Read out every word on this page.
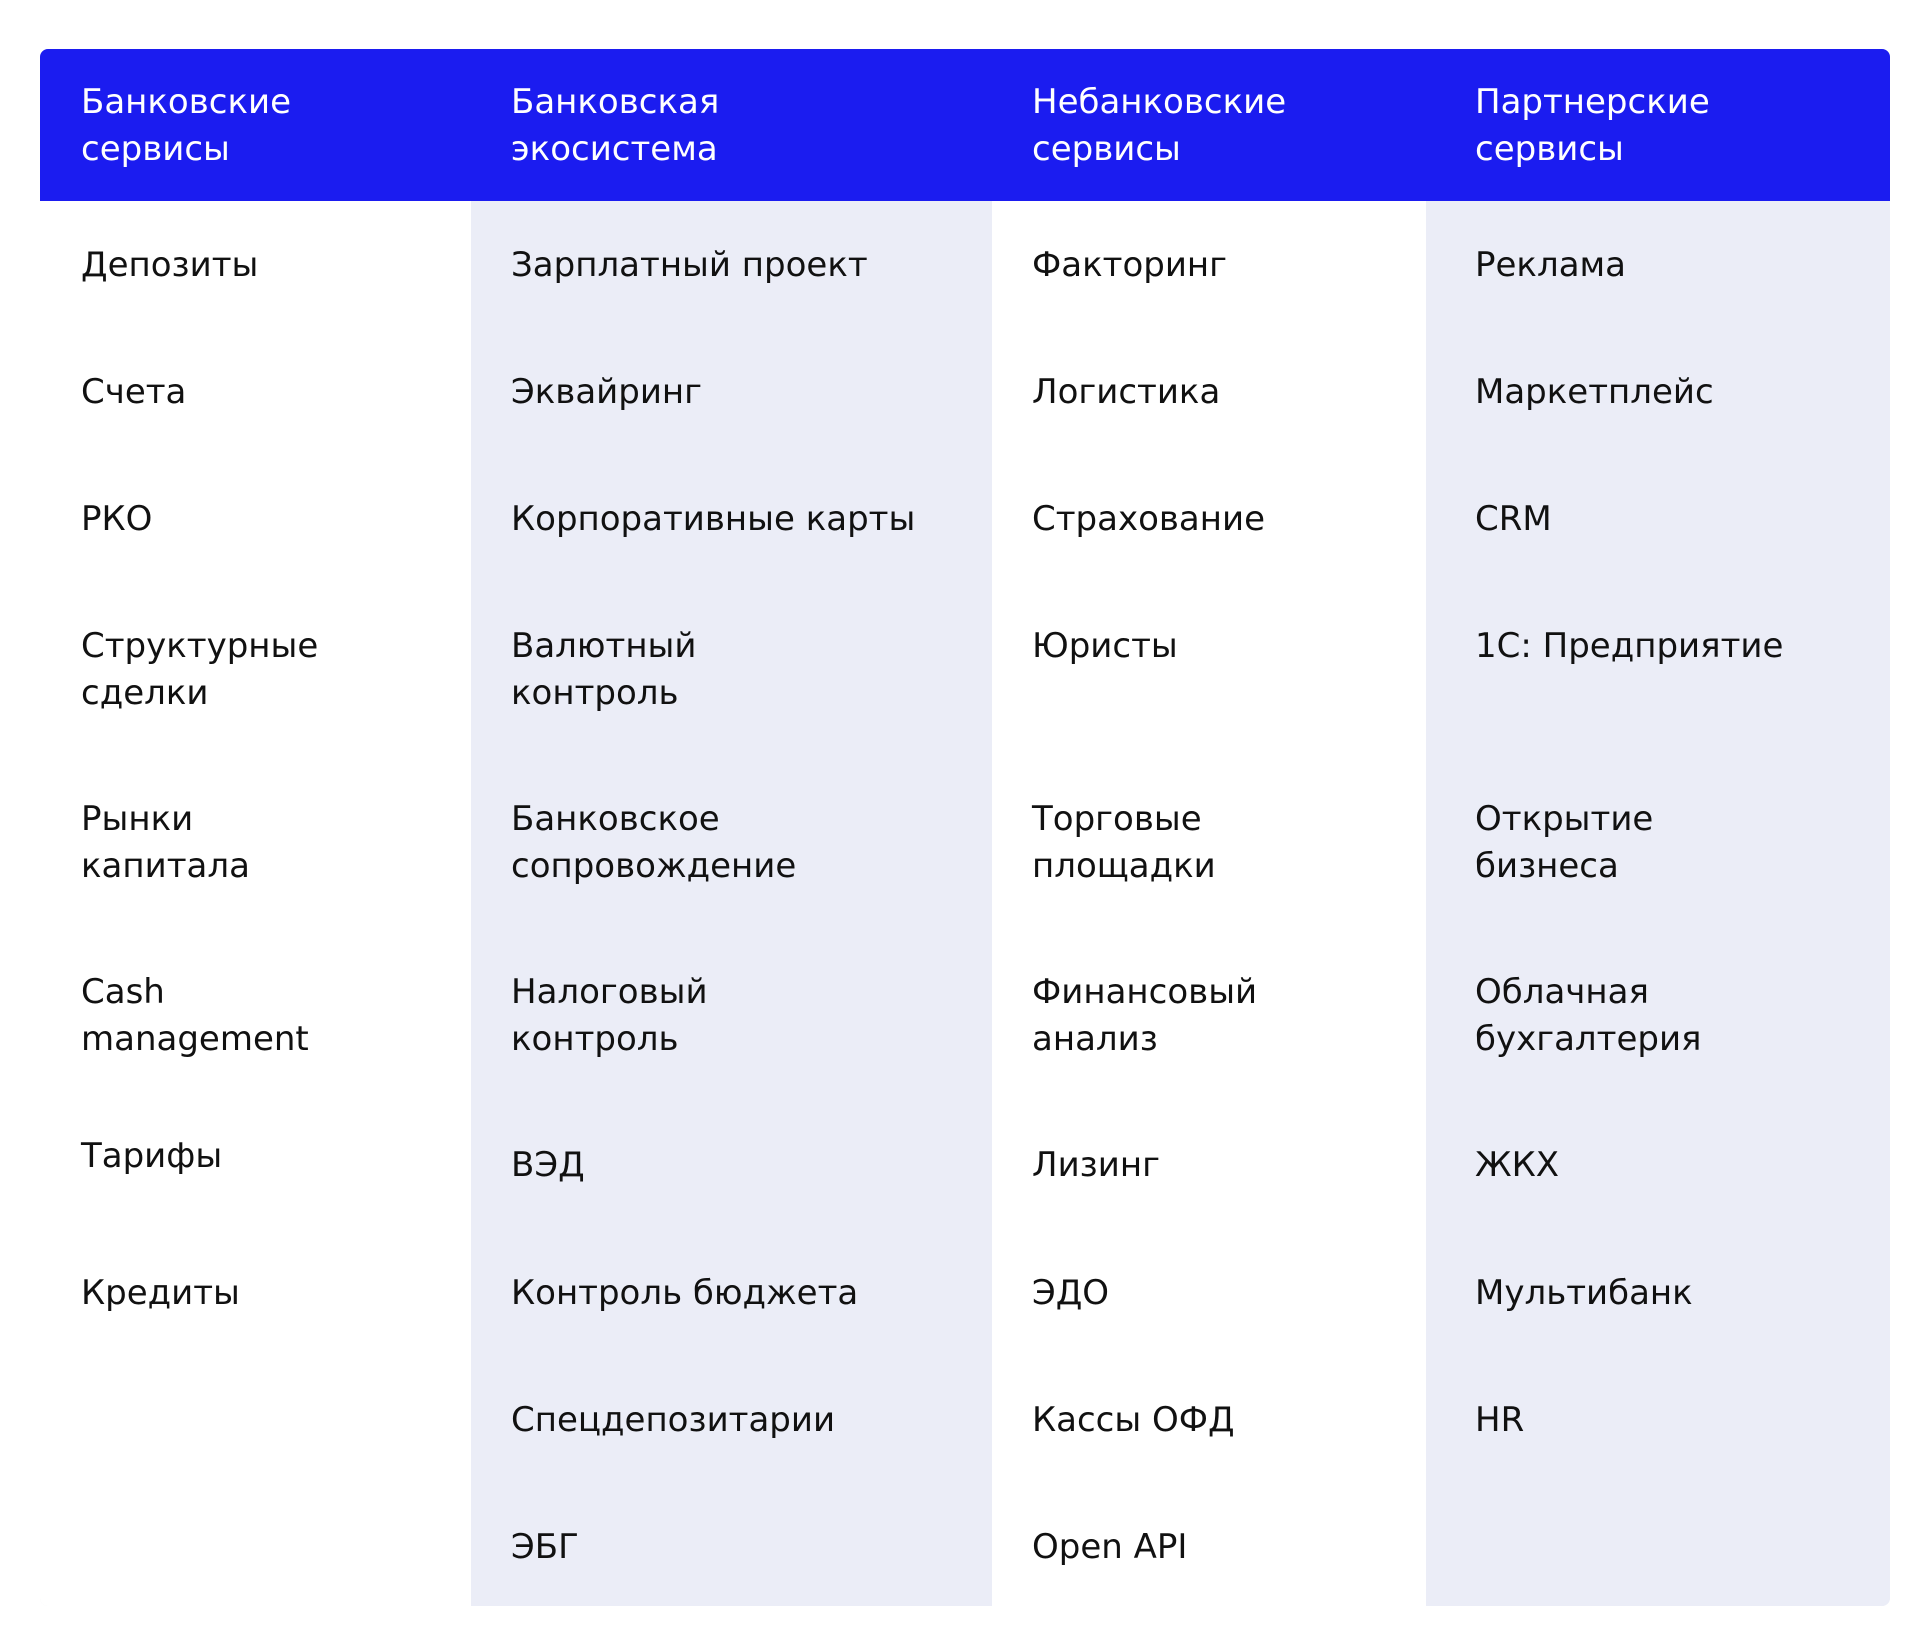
Банковские
сервисы
Банковская
экосистема
Небанковские
сервисы
Партнерские
сервисы
Депозиты
Счета
РКО
Структурные
сделки
Рынки
капитала
Cash
management
Тарифы
Кредиты
Зарплатный проект
Эквайринг
Корпоративные карты
Валютный
контроль
Банковское
сопровождение
Налоговый
контроль
ВЭД
Контроль бюджета
Спецдепозитарии
ЭБГ
Факторинг
Логистика
Страхование
Юристы
Торговые
площадки
Финансовый
анализ
Лизинг
ЭДО
Кассы ОФД
Open API
Реклама
Маркетплейс
CRM
1С: Предприятие
Открытие
бизнеса
Облачная
бухгалтерия
ЖКХ
Мультибанк
HR
